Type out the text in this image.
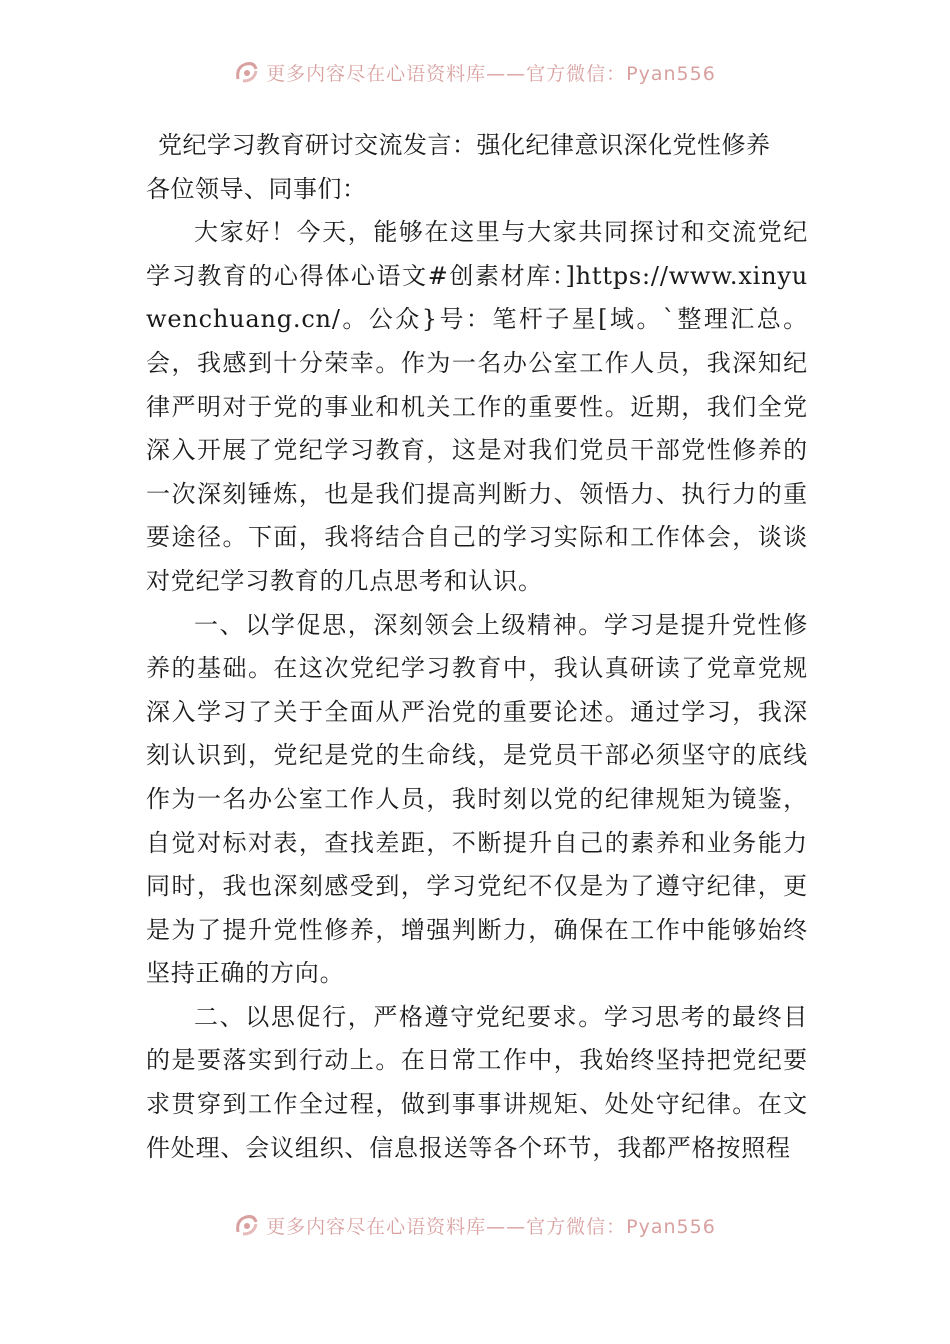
更多内容尽在心语资料库——官方微信：Pyan556
党纪学习教育研讨交流发言：强化纪律意识深化党性修养

各位领导、同事们：

大家好！今天，能够在这里与大家共同探讨和交流党纪学习教育的心得体心语文#创素材库：]https://www.xinyuwenchuang.cn/。公众}号：笔杆子星[域。`整理汇总。会，我感到十分荣幸。作为一名办公室工作人员，我深知纪律严明对于党的事业和机关工作的重要性。近期，我们全党深入开展了党纪学习教育，这是对我们党员干部党性修养的一次深刻锤炼，也是我们提高判断力、领悟力、执行力的重要途径。下面，我将结合自己的学习实际和工作体会，谈谈对党纪学习教育的几点思考和认识。

一、以学促思，深刻领会上级精神。学习是提升党性修养的基础。在这次党纪学习教育中，我认真研读了党章党规深入学习了关于全面从严治党的重要论述。通过学习，我深刻认识到，党纪是党的生命线，是党员干部必须坚守的底线作为一名办公室工作人员，我时刻以党的纪律规矩为镜鉴，自觉对标对表，查找差距，不断提升自己的素养和业务能力同时，我也深刻感受到，学习党纪不仅是为了遵守纪律，更是为了提升党性修养，增强判断力，确保在工作中能够始终坚持正确的方向。

二、以思促行，严格遵守党纪要求。学习思考的最终目的是要落实到行动上。在日常工作中，我始终坚持把党纪要求贯穿到工作全过程，做到事事讲规矩、处处守纪律。在文件处理、会议组织、信息报送等各个环节，我都严格按照程

更多内容尽在心语资料库——官方微信：Pyan556
